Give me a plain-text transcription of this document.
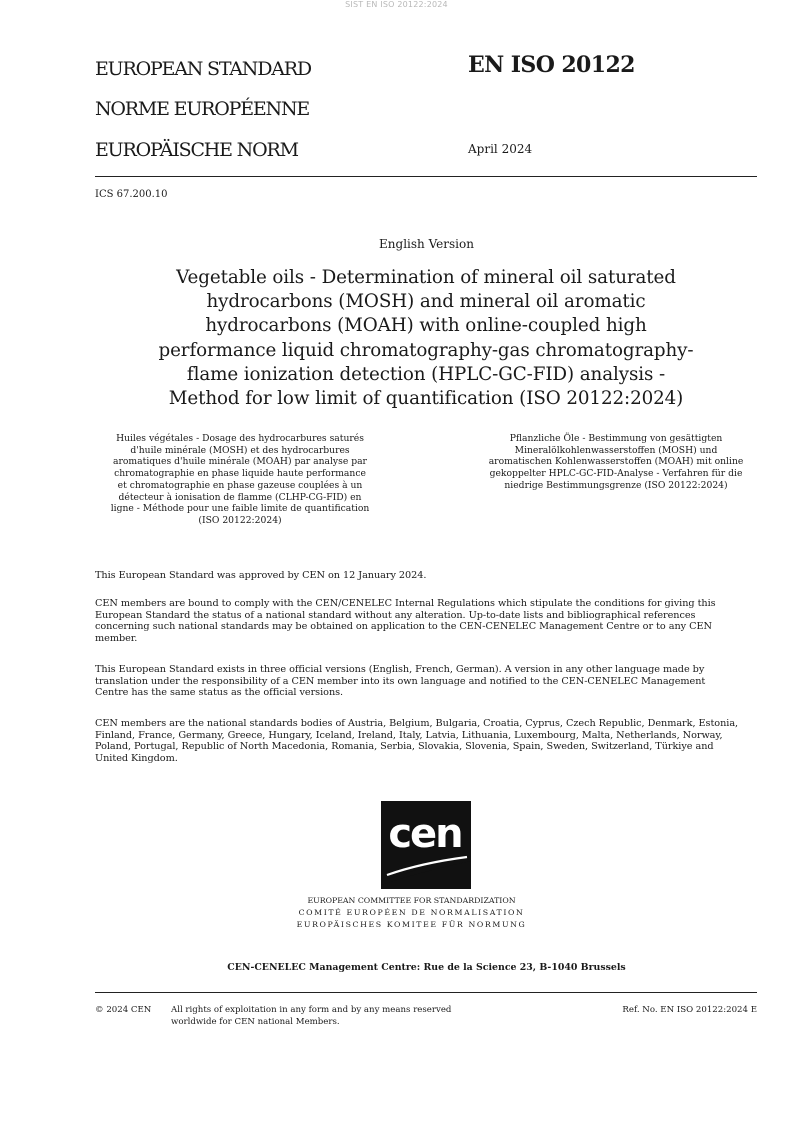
SIST EN ISO 20122:2024
EUROPEAN STANDARD
NORME EUROPÉENNE
EUROPÄISCHE NORM
EN ISO 20122
April 2024
ICS 67.200.10
English Version
Vegetable oils - Determination of mineral oil saturated
hydrocarbons (MOSH) and mineral oil aromatic
hydrocarbons (MOAH) with online-coupled high
performance liquid chromatography-gas chromatography-
flame ionization detection (HPLC-GC-FID) analysis -
Method for low limit of quantification (ISO 20122:2024)
Huiles végétales - Dosage des hydrocarbures saturés
d'huile minérale (MOSH) et des hydrocarbures
aromatiques d'huile minérale (MOAH) par analyse par
chromatographie en phase liquide haute performance
et chromatographie en phase gazeuse couplées à un
détecteur à ionisation de flamme (CLHP-CG-FID) en
ligne - Méthode pour une faible limite de quantification
(ISO 20122:2024)
Pflanzliche Öle - Bestimmung von gesättigten
Mineralölkohlenwasserstoffen (MOSH) und
aromatischen Kohlenwasserstoffen (MOAH) mit online
gekoppelter HPLC-GC-FID-Analyse - Verfahren für die
niedrige Bestimmungsgrenze (ISO 20122:2024)
This European Standard was approved by CEN on 12 January 2024.
CEN members are bound to comply with the CEN/CENELEC Internal Regulations which stipulate the conditions for giving this
European Standard the status of a national standard without any alteration. Up-to-date lists and bibliographical references
concerning such national standards may be obtained on application to the CEN-CENELEC Management Centre or to any CEN
member.
This European Standard exists in three official versions (English, French, German). A version in any other language made by
translation under the responsibility of a CEN member into its own language and notified to the CEN-CENELEC Management
Centre has the same status as the official versions.
CEN members are the national standards bodies of Austria, Belgium, Bulgaria, Croatia, Cyprus, Czech Republic, Denmark, Estonia,
Finland, France, Germany, Greece, Hungary, Iceland, Ireland, Italy, Latvia, Lithuania, Luxembourg, Malta, Netherlands, Norway,
Poland, Portugal, Republic of North Macedonia, Romania, Serbia, Slovakia, Slovenia, Spain, Sweden, Switzerland, Türkiye and
United Kingdom.
cen
EUROPEAN COMMITTEE FOR STANDARDIZATION
COMITÉ EUROPÉEN DE NORMALISATION
EUROPÄISCHES KOMITEE FÜR NORMUNG
CEN-CENELEC Management Centre: Rue de la Science 23, B-1040 Brussels
© 2024 CEN All rights of exploitation in any form and by any means reserved
worldwide for CEN national Members.
Ref. No. EN ISO 20122:2024 E
